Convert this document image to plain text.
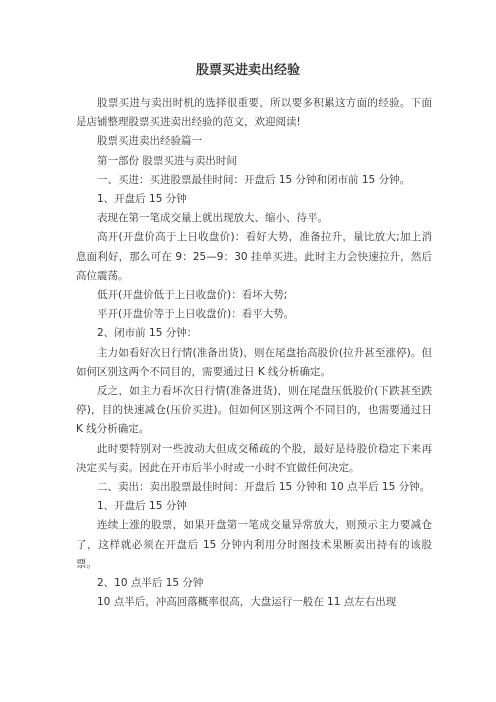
股票买进卖出经验

股票买进与卖出时机的选择很重要，所以要多积累这方面的经验。下面是店铺整理股票买进卖出经验的范文，欢迎阅读!

股票买进卖出经验篇一

第一部份 股票买进与卖出时间

一、买进：买进股票最佳时间：开盘后 15 分钟和闭市前 15 分钟。

1、开盘后 15 分钟

表现在第一笔成交量上就出现放大、缩小、待平。

高开(开盘价高于上日收盘价)：看好大势，准备拉升，量比放大;加上消息面利好，那么可在 9：25—9：30 挂单买进。此时主力会快速拉升，然后高位震荡。

低开(开盘价低于上日收盘价)：看坏大势;

平开(开盘价等于上日收盘价)：看平大势。

2、闭市前 15 分钟：

主力如看好次日行情(准备出货)，则在尾盘抬高股价(拉升甚至涨停)。但如何区别这两个不同目的，需要通过日 K 线分析确定。

反之，如主力看坏次日行情(准备进货)，则在尾盘压低股价(下跌甚至跌停)，目的快速减仓(压价买进)。但如何区别这两个不同目的，也需要通过日 K 线分析确定。

此时要特别对一些波动大但成交稀疏的个股，最好是待股价稳定下来再决定买与卖。因此在开市后半小时或一小时不宜做任何决定。

二、卖出：卖出股票最佳时间：开盘后 15 分钟和 10 点半后 15 分钟。

1、开盘后 15 分钟

连续上涨的股票，如果开盘第一笔成交量异常放大，则预示主力要减仓了，这样就必须在开盘后 15 分钟内利用分时图技术果断卖出持有的该股票。

2、10 点半后 15 分钟

10 点半后，冲高回落概率很高，大盘运行一般在 11 点左右出现
